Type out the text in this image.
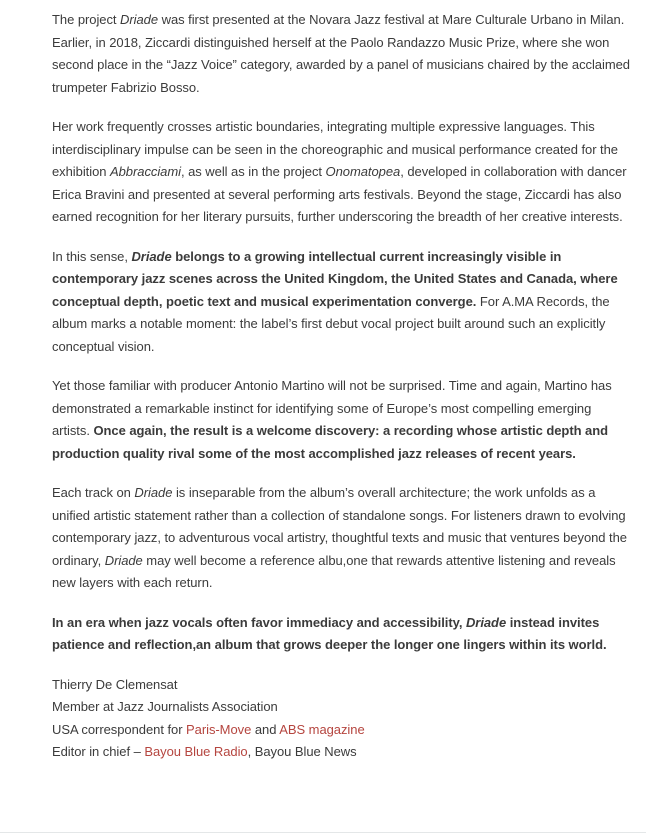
The project Driade was first presented at the Novara Jazz festival at Mare Culturale Urbano in Milan. Earlier, in 2018, Ziccardi distinguished herself at the Paolo Randazzo Music Prize, where she won second place in the “Jazz Voice” category, awarded by a panel of musicians chaired by the acclaimed trumpeter Fabrizio Bosso.

Her work frequently crosses artistic boundaries, integrating multiple expressive languages. This interdisciplinary impulse can be seen in the choreographic and musical performance created for the exhibition Abbracciami, as well as in the project Onomatopea, developed in collaboration with dancer Erica Bravini and presented at several performing arts festivals. Beyond the stage, Ziccardi has also earned recognition for her literary pursuits, further underscoring the breadth of her creative interests.

In this sense, Driade belongs to a growing intellectual current increasingly visible in contemporary jazz scenes across the United Kingdom, the United States and Canada, where conceptual depth, poetic text and musical experimentation converge. For A.MA Records, the album marks a notable moment: the label’s first debut vocal project built around such an explicitly conceptual vision.

Yet those familiar with producer Antonio Martino will not be surprised. Time and again, Martino has demonstrated a remarkable instinct for identifying some of Europe’s most compelling emerging artists. Once again, the result is a welcome discovery: a recording whose artistic depth and production quality rival some of the most accomplished jazz releases of recent years.

Each track on Driade is inseparable from the album’s overall architecture; the work unfolds as a unified artistic statement rather than a collection of standalone songs. For listeners drawn to evolving contemporary jazz, to adventurous vocal artistry, thoughtful texts and music that ventures beyond the ordinary, Driade may well become a reference albu,one that rewards attentive listening and reveals new layers with each return.

In an era when jazz vocals often favor immediacy and accessibility, Driade instead invites patience and reflection,an album that grows deeper the longer one lingers within its world.

Thierry De Clemensat
Member at Jazz Journalists Association
USA correspondent for Paris-Move and ABS magazine
Editor in chief – Bayou Blue Radio, Bayou Blue News
